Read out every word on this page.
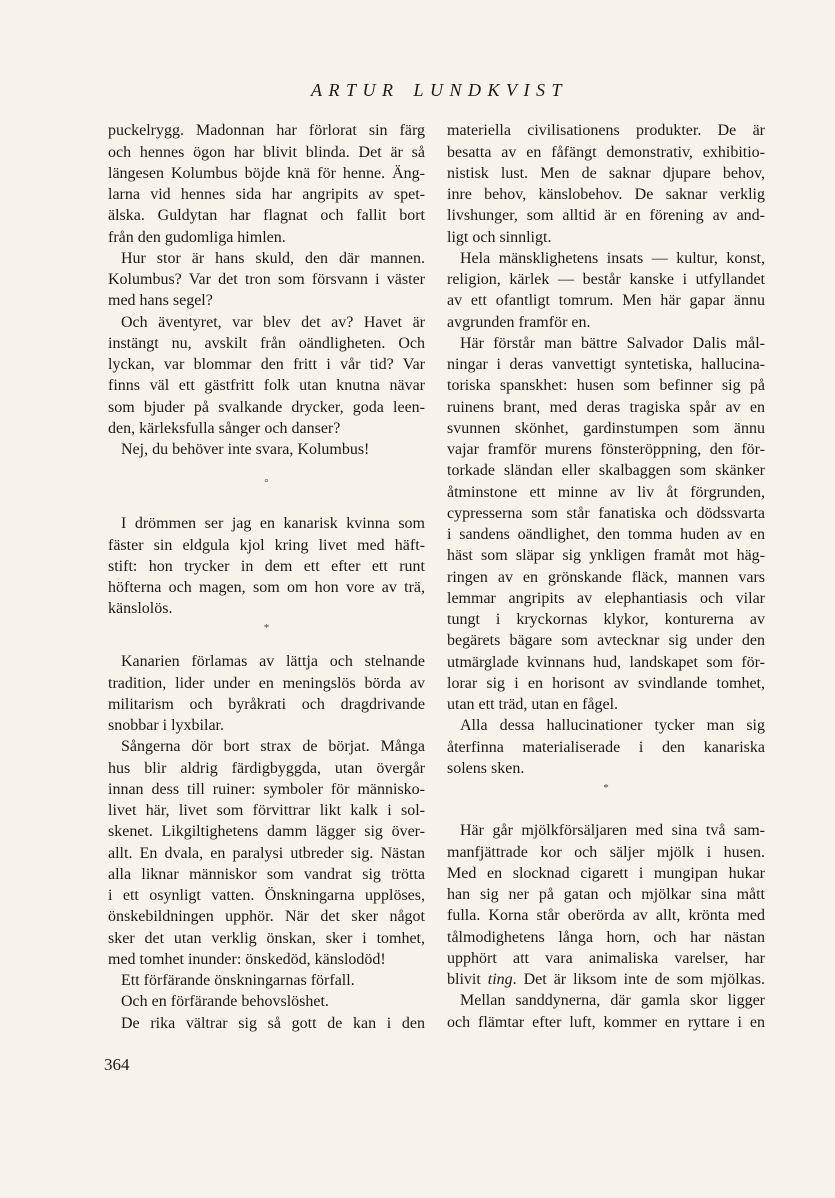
ARTUR LUNDKVIST
puckelrygg. Madonnan har förlorat sin färg
och hennes ögon har blivit blinda. Det är så
längesen Kolumbus böjde knä för henne. Äng-
larna vid hennes sida har angripits av spet-
älska. Guldytan har flagnat och fallit bort
från den gudomliga himlen.
Hur stor är hans skuld, den där mannen.
Kolumbus? Var det tron som försvann i väster
med hans segel?
Och äventyret, var blev det av? Havet är
instängt nu, avskilt från oändligheten. Och
lyckan, var blommar den fritt i vår tid? Var
finns väl ett gästfritt folk utan knutna nävar
som bjuder på svalkande drycker, goda leen-
den, kärleksfulla sånger och danser?
Nej, du behöver inte svara, Kolumbus!
°
I drömmen ser jag en kanarisk kvinna som
fäster sin eldgula kjol kring livet med häft-
stift: hon trycker in dem ett efter ett runt
höfterna och magen, som om hon vore av trä,
känslolös.
*
Kanarien förlamas av lättja och stelnande
tradition, lider under en meningslös börda av
militarism och byråkrati och dragdrivande
snobbar i lyxbilar.
Sångerna dör bort strax de börjat. Många
hus blir aldrig färdigbyggda, utan övergår
innan dess till ruiner: symboler för människo-
livet här, livet som förvittrar likt kalk i sol-
skenet. Likgiltighetens damm lägger sig över-
allt. En dvala, en paralysi utbreder sig. Nästan
alla liknar människor som vandrat sig trötta
i ett osynligt vatten. Önskningarna upplöses,
önskebildningen upphör. När det sker något
sker det utan verklig önskan, sker i tomhet,
med tomhet inunder: önskedöd, känslodöd!
Ett förfärande önskningarnas förfall.
Och en förfärande behovslöshet.
De rika vältrar sig så gott de kan i den
materiella civilisationens produkter. De är
besatta av en fåfängt demonstrativ, exhibitio-
nistisk lust. Men de saknar djupare behov,
inre behov, känslobehov. De saknar verklig
livshunger, som alltid är en förening av and-
ligt och sinnligt.
Hela mänsklighetens insats — kultur, konst,
religion, kärlek — består kanske i utfyllandet
av ett ofantligt tomrum. Men här gapar ännu
avgrunden framför en.
Här förstår man bättre Salvador Dalis mål-
ningar i deras vanvettigt syntetiska, hallucina-
toriska spanskhet: husen som befinner sig på
ruinens brant, med deras tragiska spår av en
svunnen skönhet, gardinstumpen som ännu
vajar framför murens fönsteröppning, den för-
torkade sländan eller skalbaggen som skänker
åtminstone ett minne av liv åt förgrunden,
cypresserna som står fanatiska och dödssvarta
i sandens oändlighet, den tomma huden av en
häst som släpar sig ynkligen framåt mot häg-
ringen av en grönskande fläck, mannen vars
lemmar angripits av elephantiasis och vilar
tungt i kryckornas klykor, konturerna av
begärets bägare som avtecknar sig under den
utmärglade kvinnans hud, landskapet som för-
lorar sig i en horisont av svindlande tomhet,
utan ett träd, utan en fågel.
Alla dessa hallucinationer tycker man sig
återfinna materialiserade i den kanariska
solens sken.
*
Här går mjölkförsäljaren med sina två sam-
manfjättrade kor och säljer mjölk i husen.
Med en slocknad cigarett i mungipan hukar
han sig ner på gatan och mjölkar sina mått
fulla. Korna står oberörda av allt, krönta med
tålmodighetens långa horn, och har nästan
upphört att vara animaliska varelser, har
blivit ting. Det är liksom inte de som mjölkas.
Mellan sanddynerna, där gamla skor ligger
och flämtar efter luft, kommer en ryttare i en
364
